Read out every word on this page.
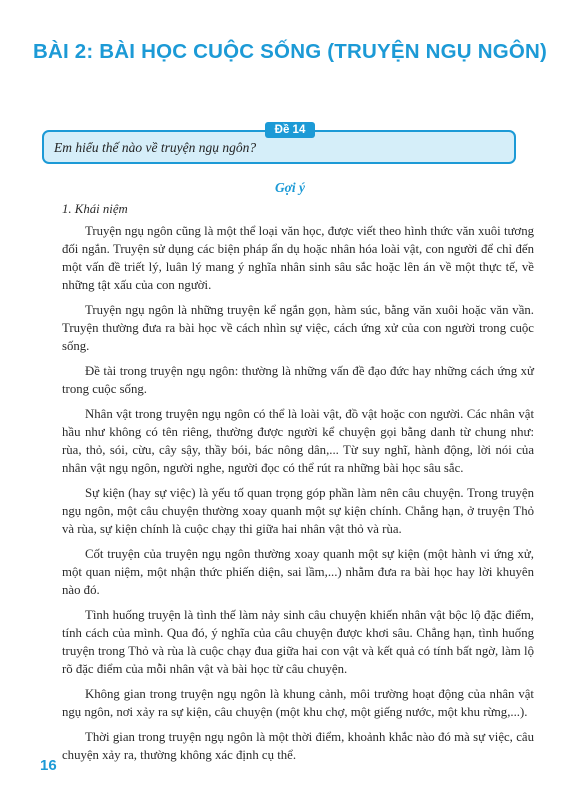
BÀI 2: BÀI HỌC CUỘC SỐNG (TRUYỆN NGỤ NGÔN)
Đề 14
Em hiểu thế nào về truyện ngụ ngôn?
Gợi ý
1. Khái niệm

Truyện ngụ ngôn cũng là một thể loại văn học, được viết theo hình thức văn xuôi tương đối ngắn. Truyện sử dụng các biện pháp ẩn dụ hoặc nhân hóa loài vật, con người để chỉ đến một vấn đề triết lý, luân lý mang ý nghĩa nhân sinh sâu sắc hoặc lên án về một thực tế, về những tật xấu của con người.

Truyện ngụ ngôn là những truyện kể ngắn gọn, hàm súc, bằng văn xuôi hoặc văn vần. Truyện thường đưa ra bài học về cách nhìn sự việc, cách ứng xử của con người trong cuộc sống.

Đề tài trong truyện ngụ ngôn: thường là những vấn đề đạo đức hay những cách ứng xử trong cuộc sống.

Nhân vật trong truyện ngụ ngôn có thể là loài vật, đồ vật hoặc con người. Các nhân vật hầu như không có tên riêng, thường được người kể chuyện gọi bằng danh từ chung như: rùa, thỏ, sói, cừu, cây sậy, thầy bói, bác nông dân,... Từ suy nghĩ, hành động, lời nói của nhân vật ngụ ngôn, người nghe, người đọc có thể rút ra những bài học sâu sắc.

Sự kiện (hay sự việc) là yếu tố quan trọng góp phần làm nên câu chuyện. Trong truyện ngụ ngôn, một câu chuyện thường xoay quanh một sự kiện chính. Chẳng hạn, ở truyện Thỏ và rùa, sự kiện chính là cuộc chạy thi giữa hai nhân vật thỏ và rùa.

Cốt truyện của truyện ngụ ngôn thường xoay quanh một sự kiện (một hành vi ứng xử, một quan niệm, một nhận thức phiến diện, sai lầm,...) nhằm đưa ra bài học hay lời khuyên nào đó.

Tình huống truyện là tình thế làm nảy sinh câu chuyện khiến nhân vật bộc lộ đặc điểm, tính cách của mình. Qua đó, ý nghĩa của câu chuyện được khơi sâu. Chẳng hạn, tình huống truyện trong Thỏ và rùa là cuộc chạy đua giữa hai con vật và kết quả có tính bất ngờ, làm lộ rõ đặc điểm của mỗi nhân vật và bài học từ câu chuyện.

Không gian trong truyện ngụ ngôn là khung cảnh, môi trường hoạt động của nhân vật ngụ ngôn, nơi xảy ra sự kiện, câu chuyện (một khu chợ, một giếng nước, một khu rừng,...).

Thời gian trong truyện ngụ ngôn là một thời điểm, khoảnh khắc nào đó mà sự việc, câu chuyện xảy ra, thường không xác định cụ thể.

16
